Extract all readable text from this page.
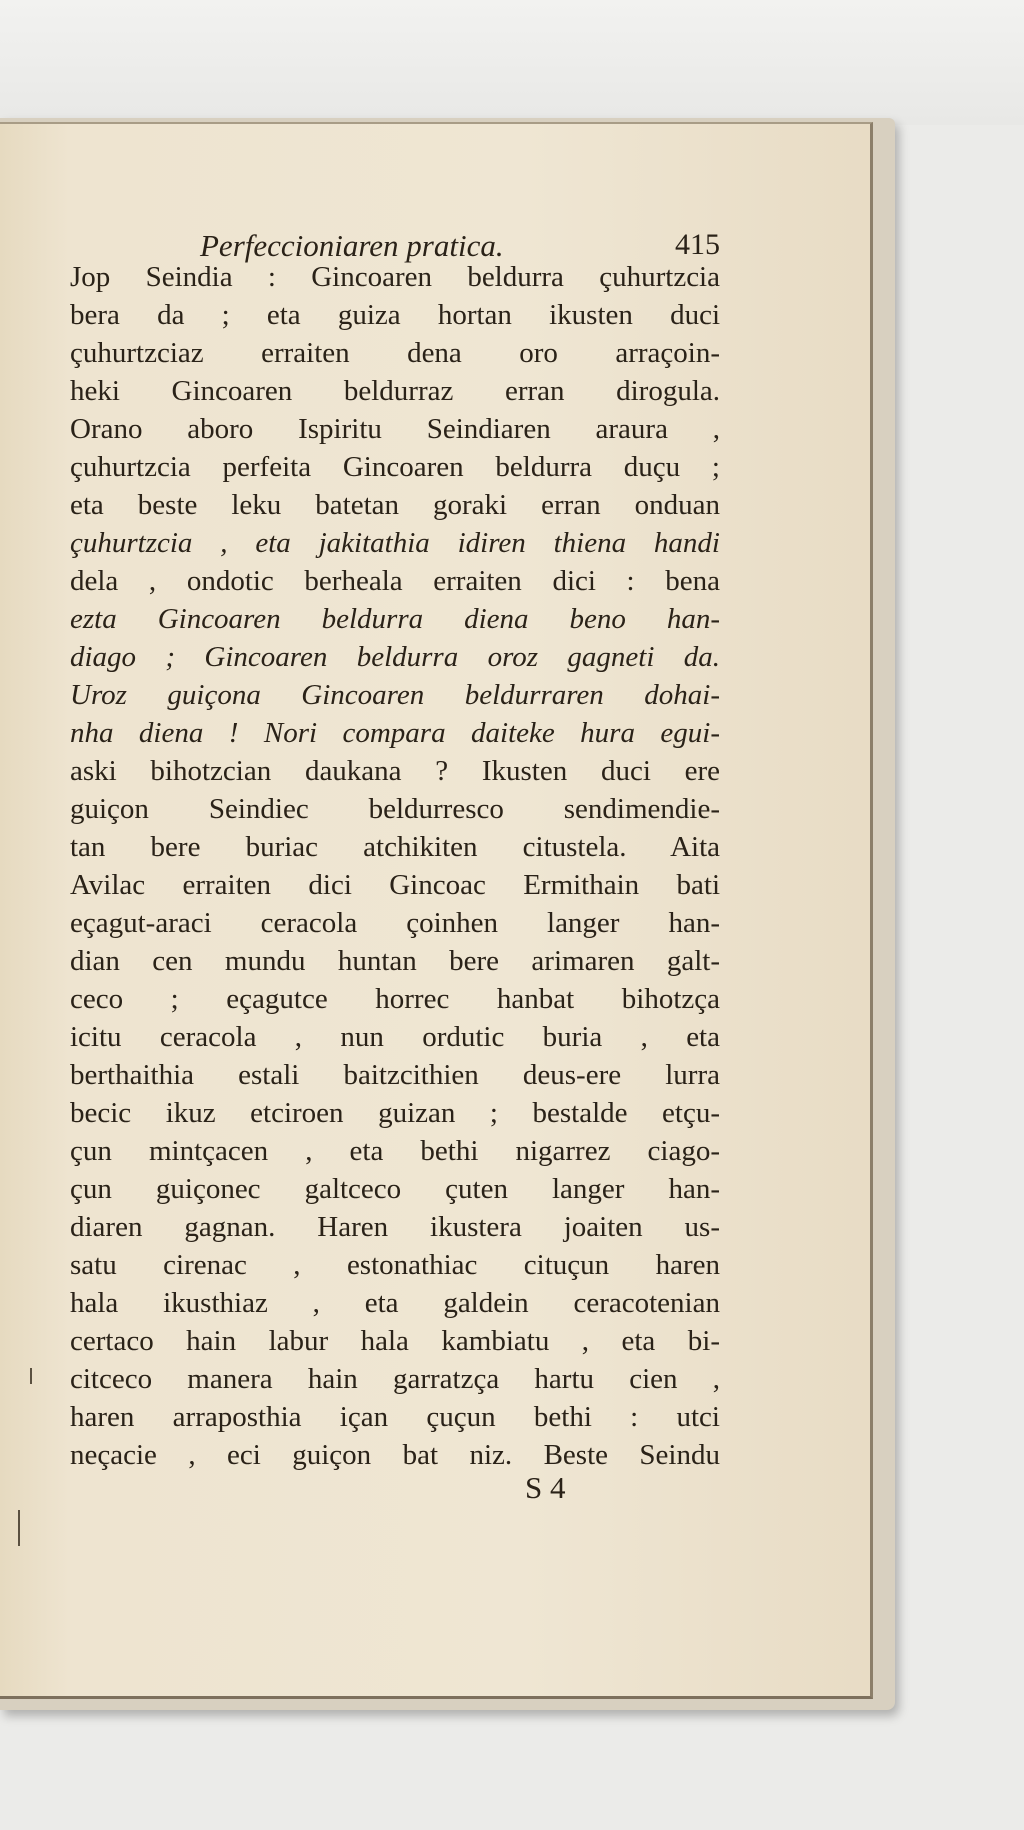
Perfeccioniaren pratica.	415
Jop Seindia : Gincoaren beldurra çuhurtzcia
bera da ; eta guiza hortan ikusten duci
çuhurtzciaz erraiten dena oro arraçoin-
heki Gincoaren beldurraz erran dirogula.
Orano aboro Ispiritu Seindiaren araura ,
çuhurtzcia perfeita Gincoaren beldurra duçu ;
eta beste leku batetan goraki erran onduan
çuhurtzcia , eta jakitathia idiren thiena handi
dela , ondotic berheala erraiten dici : bena
ezta Gincoaren beldurra diena beno han-
diago ; Gincoaren beldurra oroz gagneti da.
Uroz guiçona Gincoaren beldurraren dohai-
nha diena ! Nori compara daiteke hura egui-
aski bihotzcian daukana ? Ikusten duci ere
guiçon Seindiec beldurresco sendimendie-
tan bere buriac atchikiten citustela. Aita
Avilac erraiten dici Gincoac Ermithain bati
eçagut-araci ceracola çoinhen langer han-
dian cen mundu huntan bere arimaren galt-
ceco ; eçagutce horrec hanbat bihotzça
icitu ceracola , nun ordutic buria , eta
berthaithia estali baitzcithien deus-ere lurra
becic ikuz etciroen guizan ; bestalde etçu-
çun mintçacen , eta bethi nigarrez ciago-
çun guiçonec galtceco çuten langer han-
diaren gagnan. Haren ikustera joaiten us-
satu cirenac , estonathiac cituçun haren
hala ikusthiaz , eta galdein ceracotenian
certaco hain labur hala kambiatu , eta bi-
citceco manera hain garratzça hartu cien ,
haren arraposthia içan çuçun bethi : utci
neçacie , eci guiçon bat niz. Beste Seindu
S 4
